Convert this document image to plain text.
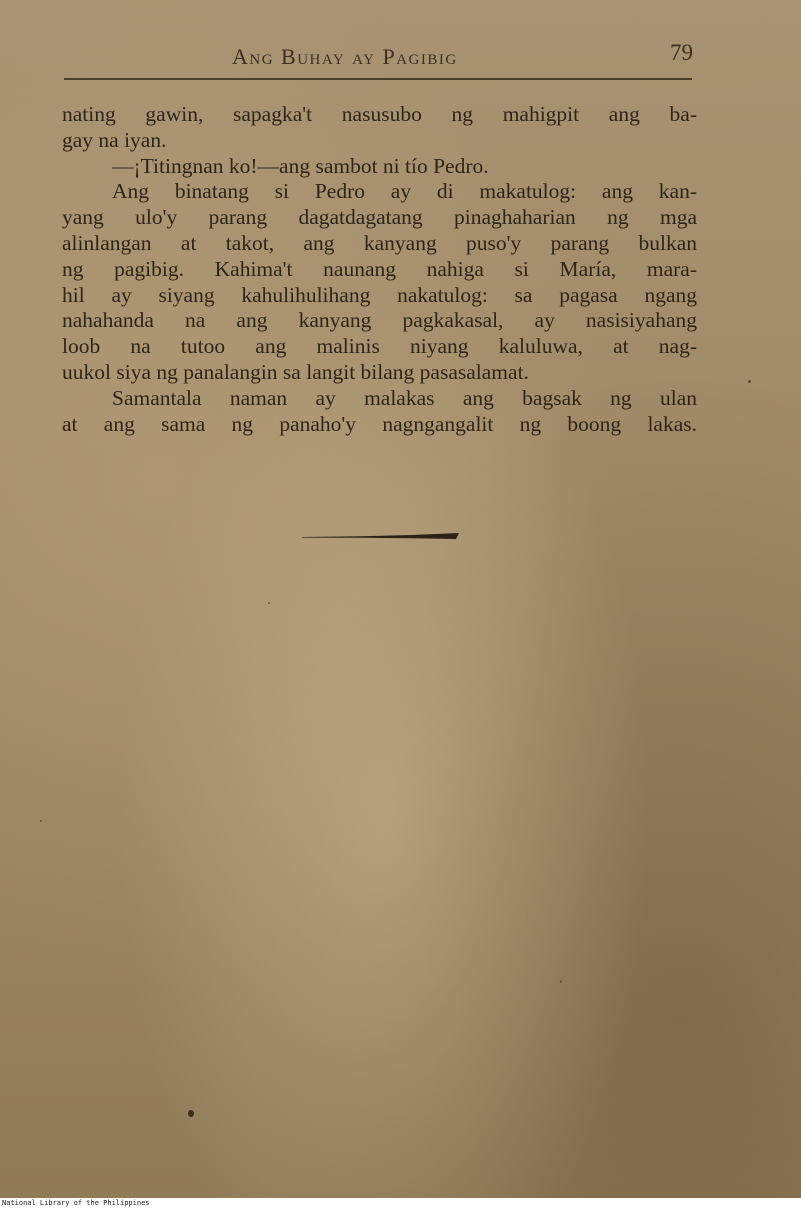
Ang Buhay ay Pagibig	79
nating gawin, sapagka't nasusubo ng mahigpit ang ba-
gay na iyan.
—¡Titingnan ko!—ang sambot ni tío Pedro.
Ang binatang si Pedro ay di makatulog: ang kan-
yang ulo'y parang dagatdagatang pinaghaharian ng mga
alinlangan at takot, ang kanyang puso'y parang bulkan
ng pagibig. Kahima't naunang nahiga si María, mara-
hil ay siyang kahulihulihang nakatulog: sa pagasa ngang
nahahanda na ang kanyang pagkakasal, ay nasisiyahang
loob na tutoo ang malinis niyang kaluluwa, at nag-
uukol siya ng panalangin sa langit bilang pasasalamat.
Samantala naman ay malakas ang bagsak ng ulan
at ang sama ng panaho'y nagngangalit ng boong lakas.
National Library of the Philippines
